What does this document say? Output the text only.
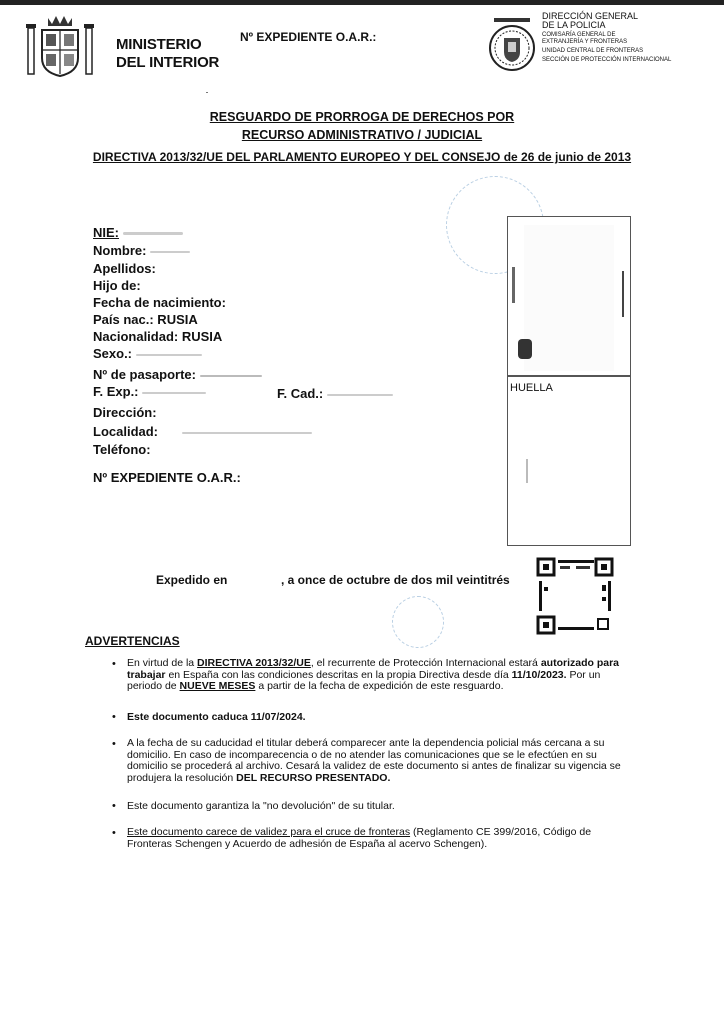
MINISTERIO
DEL INTERIOR
Nº EXPEDIENTE O.A.R.:
DIRECCIÓN GENERAL
DE LA POLICIA
COMISARÍA GENERAL DE
EXTRANJERÍA Y FRONTERAS
UNIDAD CENTRAL DE FRONTERAS
SECCIÓN DE PROTECCIÓN INTERNACIONAL
RESGUARDO DE PRORROGA DE DERECHOS POR
RECURSO ADMINISTRATIVO / JUDICIAL
DIRECTIVA 2013/32/UE DEL PARLAMENTO EUROPEO Y DEL CONSEJO de 26 de junio de 2013
NIE:
Nombre:
Apellidos:
Hijo de:
Fecha de nacimiento:
País nac.: RUSIA
Nacionalidad: RUSIA
Sexo.:
Nº de pasaporte:
F. Exp.:	F. Cad.:
Dirección:
Localidad:
Teléfono:
Nº EXPEDIENTE O.A.R.:
HUELLA
Expedido en	, a once de octubre de dos mil veintitrés
ADVERTENCIAS
• En virtud de la DIRECTIVA 2013/32/UE, el recurrente de Protección Internacional estará autorizado para trabajar en España con las condiciones descritas en la propia Directiva desde día 11/10/2023. Por un periodo de NUEVE MESES a partir de la fecha de expedición de este resguardo.
• Este documento caduca 11/07/2024.
• A la fecha de su caducidad el titular deberá comparecer ante la dependencia policial más cercana a su domicilio. En caso de incomparecencia o de no atender las comunicaciones que se le efectúen en su domicilio se procederá al archivo. Cesará la validez de este documento si antes de finalizar su vigencia se produjera la resolución DEL RECURSO PRESENTADO.
• Este documento garantiza la "no devolución" de su titular.
• Este documento carece de validez para el cruce de fronteras (Reglamento CE 399/2016, Código de Fronteras Schengen y Acuerdo de adhesión de España al acervo Schengen).
